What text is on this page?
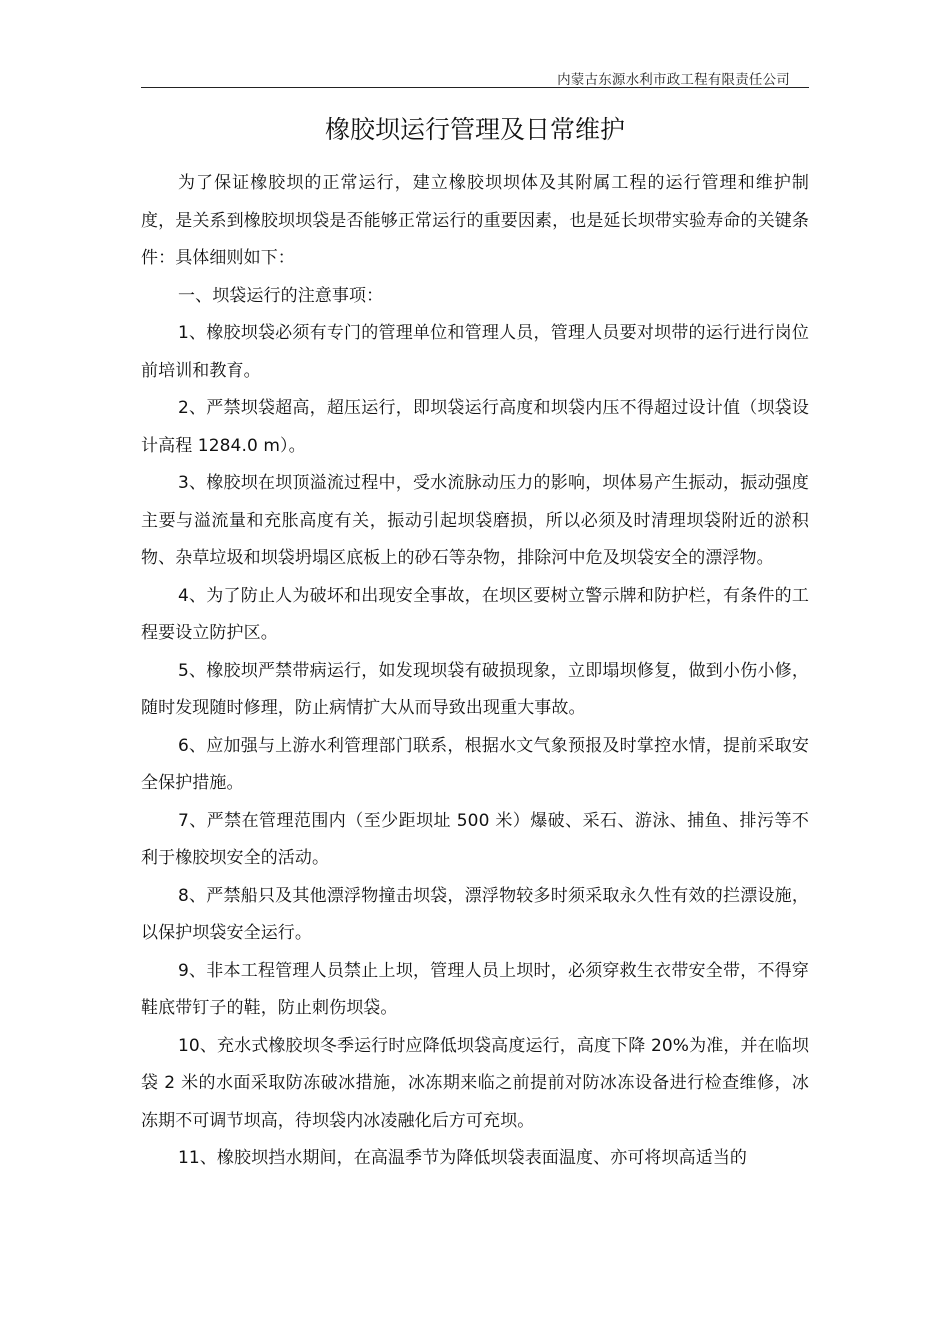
内蒙古东源水利市政工程有限责任公司
橡胶坝运行管理及日常维护

为了保证橡胶坝的正常运行，建立橡胶坝坝体及其附属工程的运行管理和维护制度，是关系到橡胶坝坝袋是否能够正常运行的重要因素，也是延长坝带实验寿命的关键条件：具体细则如下：

一、坝袋运行的注意事项：

1、橡胶坝袋必须有专门的管理单位和管理人员，管理人员要对坝带的运行进行岗位前培训和教育。

2、严禁坝袋超高，超压运行，即坝袋运行高度和坝袋内压不得超过设计值（坝袋设计高程 1284.0 m）。

3、橡胶坝在坝顶溢流过程中，受水流脉动压力的影响，坝体易产生振动，振动强度主要与溢流量和充胀高度有关，振动引起坝袋磨损，所以必须及时清理坝袋附近的淤积物、杂草垃圾和坝袋坍塌区底板上的砂石等杂物，排除河中危及坝袋安全的漂浮物。

4、为了防止人为破坏和出现安全事故，在坝区要树立警示牌和防护栏，有条件的工程要设立防护区。

5、橡胶坝严禁带病运行，如发现坝袋有破损现象，立即塌坝修复，做到小伤小修，随时发现随时修理，防止病情扩大从而导致出现重大事故。

6、应加强与上游水利管理部门联系，根据水文气象预报及时掌控水情，提前采取安全保护措施。

7、严禁在管理范围内（至少距坝址 500 米）爆破、采石、游泳、捕鱼、排污等不利于橡胶坝安全的活动。

8、严禁船只及其他漂浮物撞击坝袋，漂浮物较多时须采取永久性有效的拦漂设施，以保护坝袋安全运行。

9、非本工程管理人员禁止上坝，管理人员上坝时，必须穿救生衣带安全带，不得穿鞋底带钉子的鞋，防止刺伤坝袋。

10、充水式橡胶坝冬季运行时应降低坝袋高度运行，高度下降 20%为准，并在临坝袋 2 米的水面采取防冻破冰措施，冰冻期来临之前提前对防冰冻设备进行检查维修，冰冻期不可调节坝高，待坝袋内冰凌融化后方可充坝。

11、橡胶坝挡水期间，在高温季节为降低坝袋表面温度、亦可将坝高适当的
